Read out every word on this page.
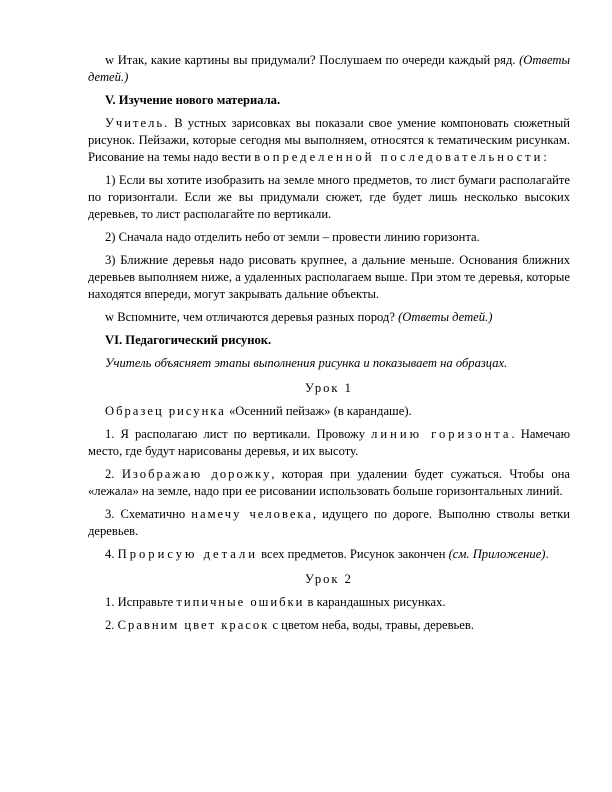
w Итак, какие картины вы придумали? Послушаем по очереди каждый ряд. (Ответы детей.)

V. Изучение нового материала.

Учитель. В устных зарисовках вы показали свое умение компоновать сюжетный рисунок. Пейзажи, которые сегодня мы выполняем, относятся к тематическим рисункам. Рисование на темы надо вести в определенной последовательности:

1) Если вы хотите изобразить на земле много предметов, то лист бумаги располагайте по горизонтали. Если же вы придумали сюжет, где будет лишь несколько высоких деревьев, то лист располагайте по вертикали.

2) Сначала надо отделить небо от земли – провести линию горизонта.

3) Ближние деревья надо рисовать крупнее, а дальние меньше. Основания ближних деревьев выполняем ниже, а удаленных располагаем выше. При этом те деревья, которые находятся впереди, могут закрывать дальние объекты.

w Вспомните, чем отличаются деревья разных пород? (Ответы детей.)

VI. Педагогический рисунок.

Учитель объясняет этапы выполнения рисунка и показывает на образцах.

Урок 1

Образец рисунка «Осенний пейзаж» (в карандаше).

1. Я располагаю лист по вертикали. Провожу линию горизонта. Намечаю место, где будут нарисованы деревья, и их высоту.

2. Изображаю дорожку, которая при удалении будет сужаться. Чтобы она «лежала» на земле, надо при ее рисовании использовать больше горизонтальных линий.

3. Схематично намечу человека, идущего по дороге. Выполню стволы ветки деревьев.

4. Прорисую детали всех предметов. Рисунок закончен (см. Приложение).

Урок 2

1. Исправьте типичные ошибки в карандашных рисунках.

2. Сравним цвет красок с цветом неба, воды, травы, деревьев.
